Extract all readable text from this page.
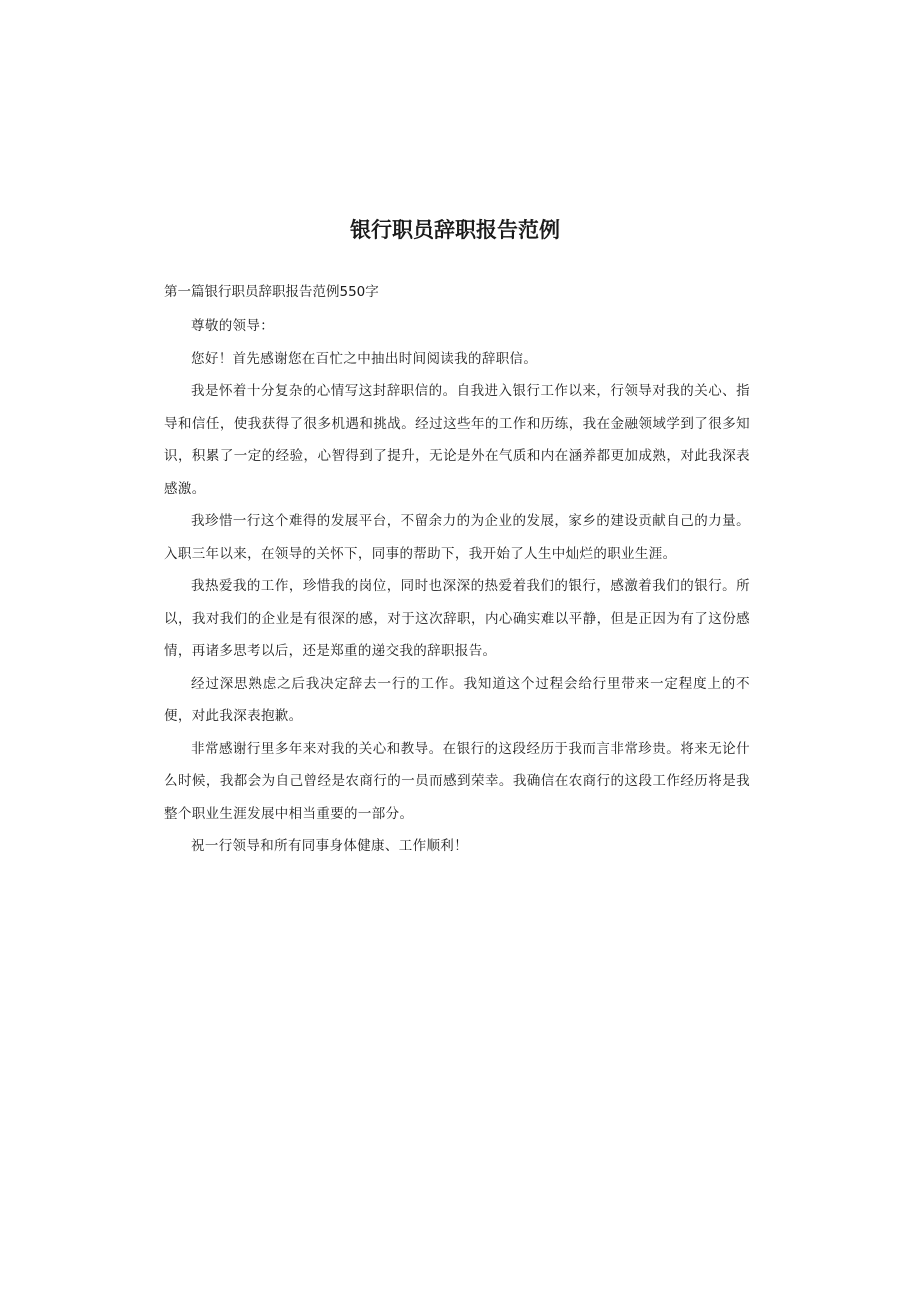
银行职员辞职报告范例

第一篇银行职员辞职报告范例550字

尊敬的领导：

您好！首先感谢您在百忙之中抽出时间阅读我的辞职信。

我是怀着十分复杂的心情写这封辞职信的。自我进入银行工作以来，行领导对我的关心、指导和信任，使我获得了很多机遇和挑战。经过这些年的工作和历练，我在金融领域学到了很多知识，积累了一定的经验，心智得到了提升，无论是外在气质和内在涵养都更加成熟，对此我深表感激。

我珍惜一行这个难得的发展平台，不留余力的为企业的发展，家乡的建设贡献自己的力量。入职三年以来，在领导的关怀下，同事的帮助下，我开始了人生中灿烂的职业生涯。

我热爱我的工作，珍惜我的岗位，同时也深深的热爱着我们的银行，感激着我们的银行。所以，我对我们的企业是有很深的感，对于这次辞职，内心确实难以平静，但是正因为有了这份感情，再诸多思考以后，还是郑重的递交我的辞职报告。

经过深思熟虑之后我决定辞去一行的工作。我知道这个过程会给行里带来一定程度上的不便，对此我深表抱歉。

非常感谢行里多年来对我的关心和教导。在银行的这段经历于我而言非常珍贵。将来无论什么时候，我都会为自己曾经是农商行的一员而感到荣幸。我确信在农商行的这段工作经历将是我整个职业生涯发展中相当重要的一部分。

祝一行领导和所有同事身体健康、工作顺利！
